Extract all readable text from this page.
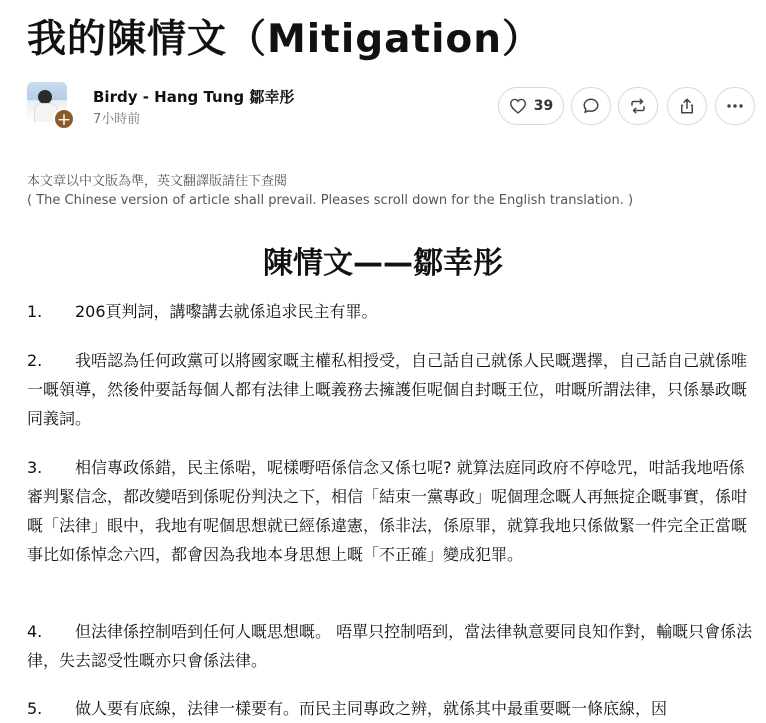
我的陳情文（Mitigation）
+
Birdy - Hang Tung 鄒幸彤
7小時前
39
本文章以中文版為準，英文翻譯版請往下查閱
( The Chinese version of article shall prevail. Pleases scroll down for the English translation. )
陳情文——鄒幸彤
1. 206頁判詞，講嚟講去就係追求民主有罪。
2. 我唔認為任何政黨可以將國家嘅主權私相授受，自己話自己就係人民嘅選擇，自己話自己就係唯一嘅領導，然後仲要話每個人都有法律上嘅義務去擁護佢呢個自封嘅王位，咁嘅所謂法律，只係暴政嘅同義詞。
3. 相信專政係錯，民主係啱，呢樣嘢唔係信念又係乜呢? 就算法庭同政府不停唸咒，咁話我地唔係審判緊信念，都改變唔到係呢份判決之下，相信「結束一黨專政」呢個理念嘅人再無掟企嘅事實，係咁嘅「法律」眼中，我地有呢個思想就已經係違憲，係非法，係原罪，就算我地只係做緊一件完全正當嘅事比如係悼念六四，都會因為我地本身思想上嘅「不正確」變成犯罪。
4. 但法律係控制唔到任何人嘅思想嘅。 唔單只控制唔到，當法律執意要同良知作對，輸嘅只會係法律，失去認受性嘅亦只會係法律。
5. 做人要有底線，法律一樣要有。而民主同專政之辨，就係其中最重要嘅一條底線，因
